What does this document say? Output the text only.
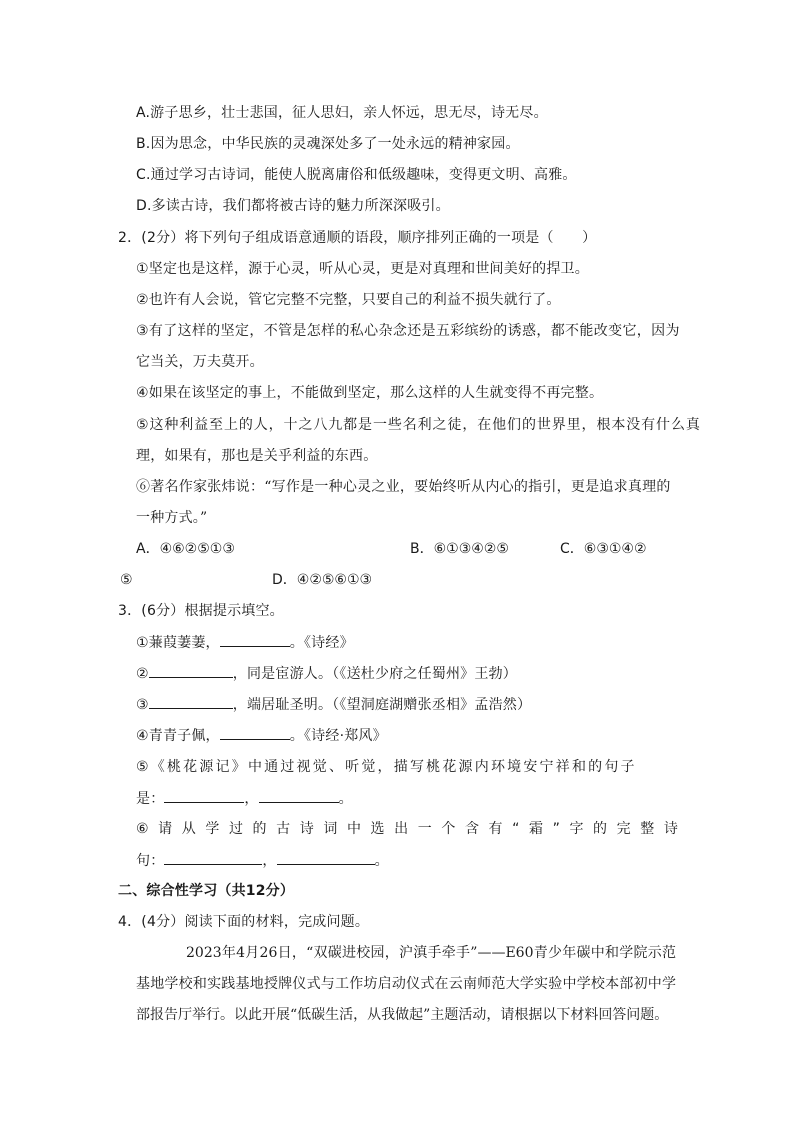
A.游子思乡，壮士悲国，征人思妇，亲人怀远，思无尽，诗无尽。
B.因为思念，中华民族的灵魂深处多了一处永远的精神家园。
C.通过学习古诗词，能使人脱离庸俗和低级趣味，变得更文明、高雅。
D.多读古诗，我们都将被古诗的魅力所深深吸引。
2．(2分）将下列句子组成语意通顺的语段，顺序排列正确的一项是（　　）
①坚定也是这样，源于心灵，听从心灵，更是对真理和世间美好的捍卫。
②也许有人会说，管它完整不完整，只要自己的利益不损失就行了。
③有了这样的坚定，不管是怎样的私心杂念还是五彩缤纷的诱惑，都不能改变它，因为
它当关，万夫莫开。
④如果在该坚定的事上，不能做到坚定，那么这样的人生就变得不再完整。
⑤这种利益至上的人，十之八九都是一些名利之徒，在他们的世界里，根本没有什么真
理，如果有，那也是关乎利益的东西。
⑥著名作家张炜说：“写作是一种心灵之业，要始终听从内心的指引，更是追求真理的
一种方式。”
A．④⑥②⑤①③	B．⑥①③④②⑤	C．⑥③①④②
⑤	D．④②⑤⑥①③
3．(6分）根据提示填空。
①蒹葭萋萋，	。《诗经》
②	，同是宦游人。（《送杜少府之任蜀州》王勃）
③	，端居耻圣明。（《望洞庭湖赠张丞相》孟浩然）
④青青子佩，	。《诗经·郑风》
⑤《桃花源记》中通过视觉、听觉，描写桃花源内环境安宁祥和的句子
是：	，	。
⑥请从学过的古诗词中选出一个含有“霜”字的完整诗
句：	，	。
二、综合性学习（共12分）
4．(4分）阅读下面的材料，完成问题。
2023年4月26日，“双碳进校园，沪滇手牵手”——E60青少年碳中和学院示范基地学校和实践基地授牌仪式与工作坊启动仪式在云南师范大学实验中学校本部初中学部报告厅举行。以此开展“低碳生活，从我做起”主题活动，请根据以下材料回答问题。
